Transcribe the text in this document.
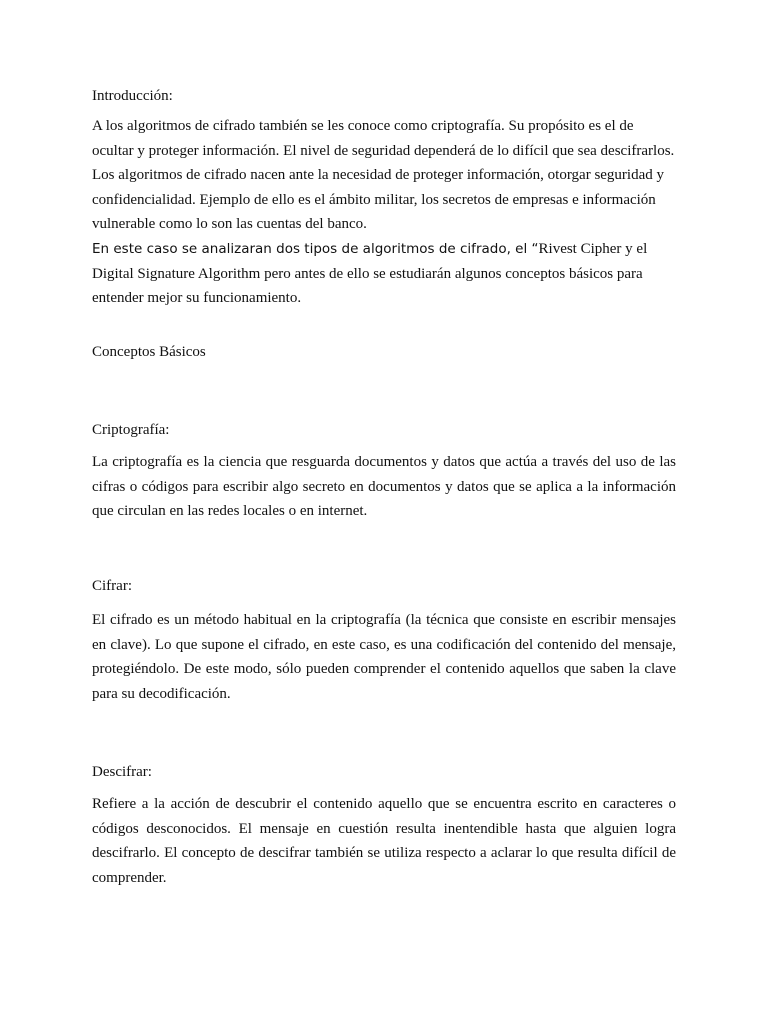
Introducción:

A los algoritmos de cifrado también se les conoce como criptografía. Su propósito es el de ocultar y proteger información. El nivel de seguridad dependerá de lo difícil que sea descifrarlos. Los algoritmos de cifrado nacen ante la necesidad de proteger información, otorgar seguridad y confidencialidad. Ejemplo de ello es el ámbito militar, los secretos de empresas e información vulnerable como lo son las cuentas del banco.

En este caso se analizaran dos tipos de algoritmos de cifrado, el “Rivest Cipher y el Digital Signature Algorithm pero antes de ello se estudiarán algunos conceptos básicos para entender mejor su funcionamiento.

Conceptos Básicos

Criptografía:

La criptografía es la ciencia que resguarda documentos y datos que actúa a través del uso de las cifras o códigos para escribir algo secreto en documentos y datos que se aplica a la información que circulan en las redes locales o en internet.

Cifrar:

El cifrado es un método habitual en la criptografía (la técnica que consiste en escribir mensajes en clave). Lo que supone el cifrado, en este caso, es una codificación del contenido del mensaje, protegiéndolo. De este modo, sólo pueden comprender el contenido aquellos que saben la clave para su decodificación.

Descifrar:

Refiere a la acción de descubrir el contenido aquello que se encuentra escrito en caracteres o códigos desconocidos. El mensaje en cuestión resulta inentendible hasta que alguien logra descifrarlo. El concepto de descifrar también se utiliza respecto a aclarar lo que resulta difícil de comprender.
